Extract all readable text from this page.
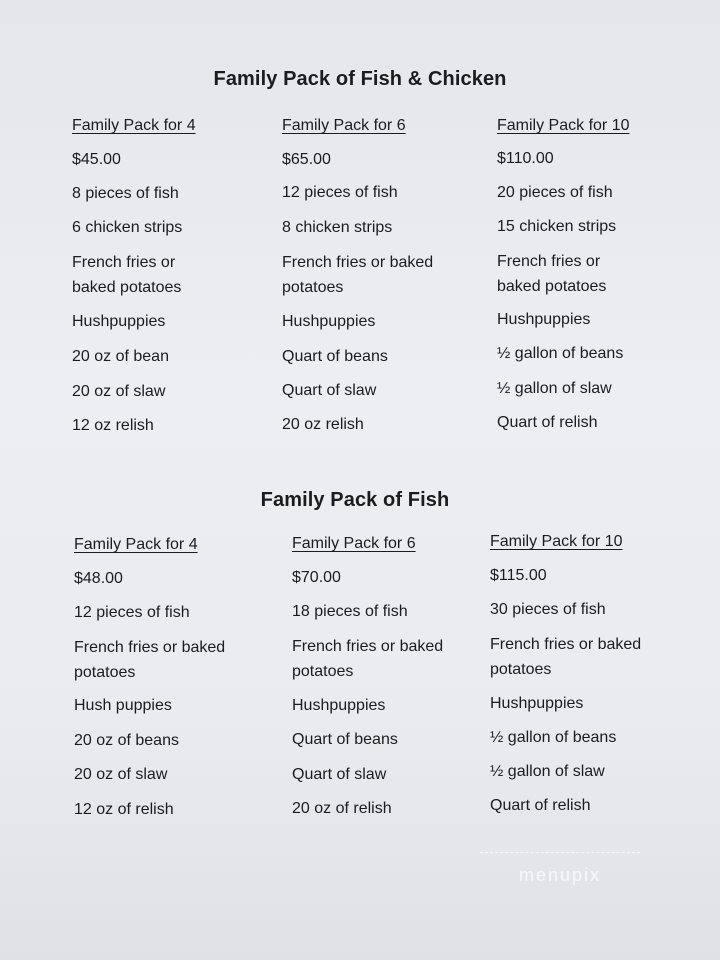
Family Pack of Fish & Chicken
Family Pack for 4
$45.00
8 pieces of fish
6 chicken strips
French fries or
baked potatoes
Hushpuppies
20 oz of bean
20 oz of slaw
12 oz relish
Family Pack for 6
$65.00
12 pieces of fish
8 chicken strips
French fries or baked
potatoes
Hushpuppies
Quart of beans
Quart of slaw
20 oz relish
Family Pack for 10
$110.00
20 pieces of fish
15 chicken strips
French fries or
baked potatoes
Hushpuppies
½ gallon of beans
½ gallon of slaw
Quart of relish
Family Pack of Fish
Family Pack for 4
$48.00
12 pieces of fish
French fries or baked
potatoes
Hush puppies
20 oz of beans
20 oz of slaw
12 oz of relish
Family Pack for 6
$70.00
18 pieces of fish
French fries or baked
potatoes
Hushpuppies
Quart of beans
Quart of slaw
20 oz of relish
Family Pack for 10
$115.00
30 pieces of fish
French fries or baked
potatoes
Hushpuppies
½ gallon of beans
½ gallon of slaw
Quart of relish
menupix
